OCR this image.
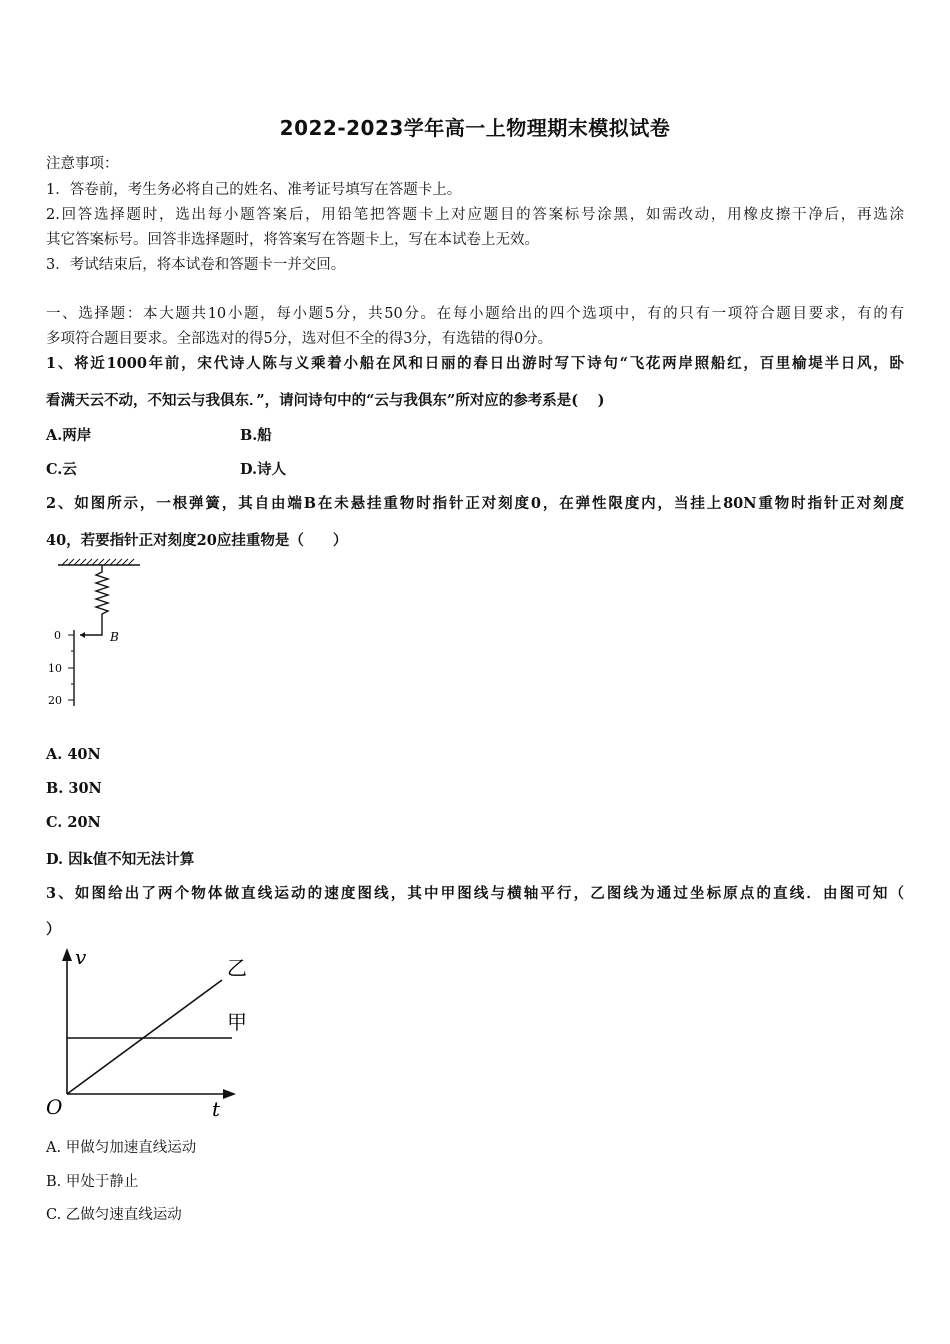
2022-2023学年高一上物理期末模拟试卷
注意事项：
1．答卷前，考生务必将自己的姓名、准考证号填写在答题卡上。
2.回答选择题时，选出每小题答案后，用铅笔把答题卡上对应题目的答案标号涂黑，如需改动，用橡皮擦干净后，再选涂
其它答案标号。回答非选择题时，将答案写在答题卡上，写在本试卷上无效。
3．考试结束后，将本试卷和答题卡一并交回。
一、选择题：本大题共10小题，每小题5分，共50分。在每小题给出的四个选项中，有的只有一项符合题目要求，有的有
多项符合题目要求。全部选对的得5分，选对但不全的得3分，有选错的得0分。
1、将近1000年前，宋代诗人陈与义乘着小船在风和日丽的春日出游时写下诗句“飞花两岸照船红，百里榆堤半日风，卧
看满天云不动，不知云与我俱东．”，请问诗句中的“云与我俱东”所对应的参考系是(　 )
A.两岸	B.船
C.云	D.诗人
2、如图所示，一根弹簧，其自由端B在未悬挂重物时指针正对刻度0，在弹性限度内，当挂上80N重物时指针正对刻度
40，若要指针正对刻度20应挂重物是（　　）
B
0
10
20
A. 40N
B. 30N
C. 20N
D. 因k值不知无法计算
3、如图给出了两个物体做直线运动的速度图线，其中甲图线与横轴平行，乙图线为通过坐标原点的直线．由图可知（
）
v
t
O
乙
甲
A. 甲做匀加速直线运动
B. 甲处于静止
C. 乙做匀速直线运动
